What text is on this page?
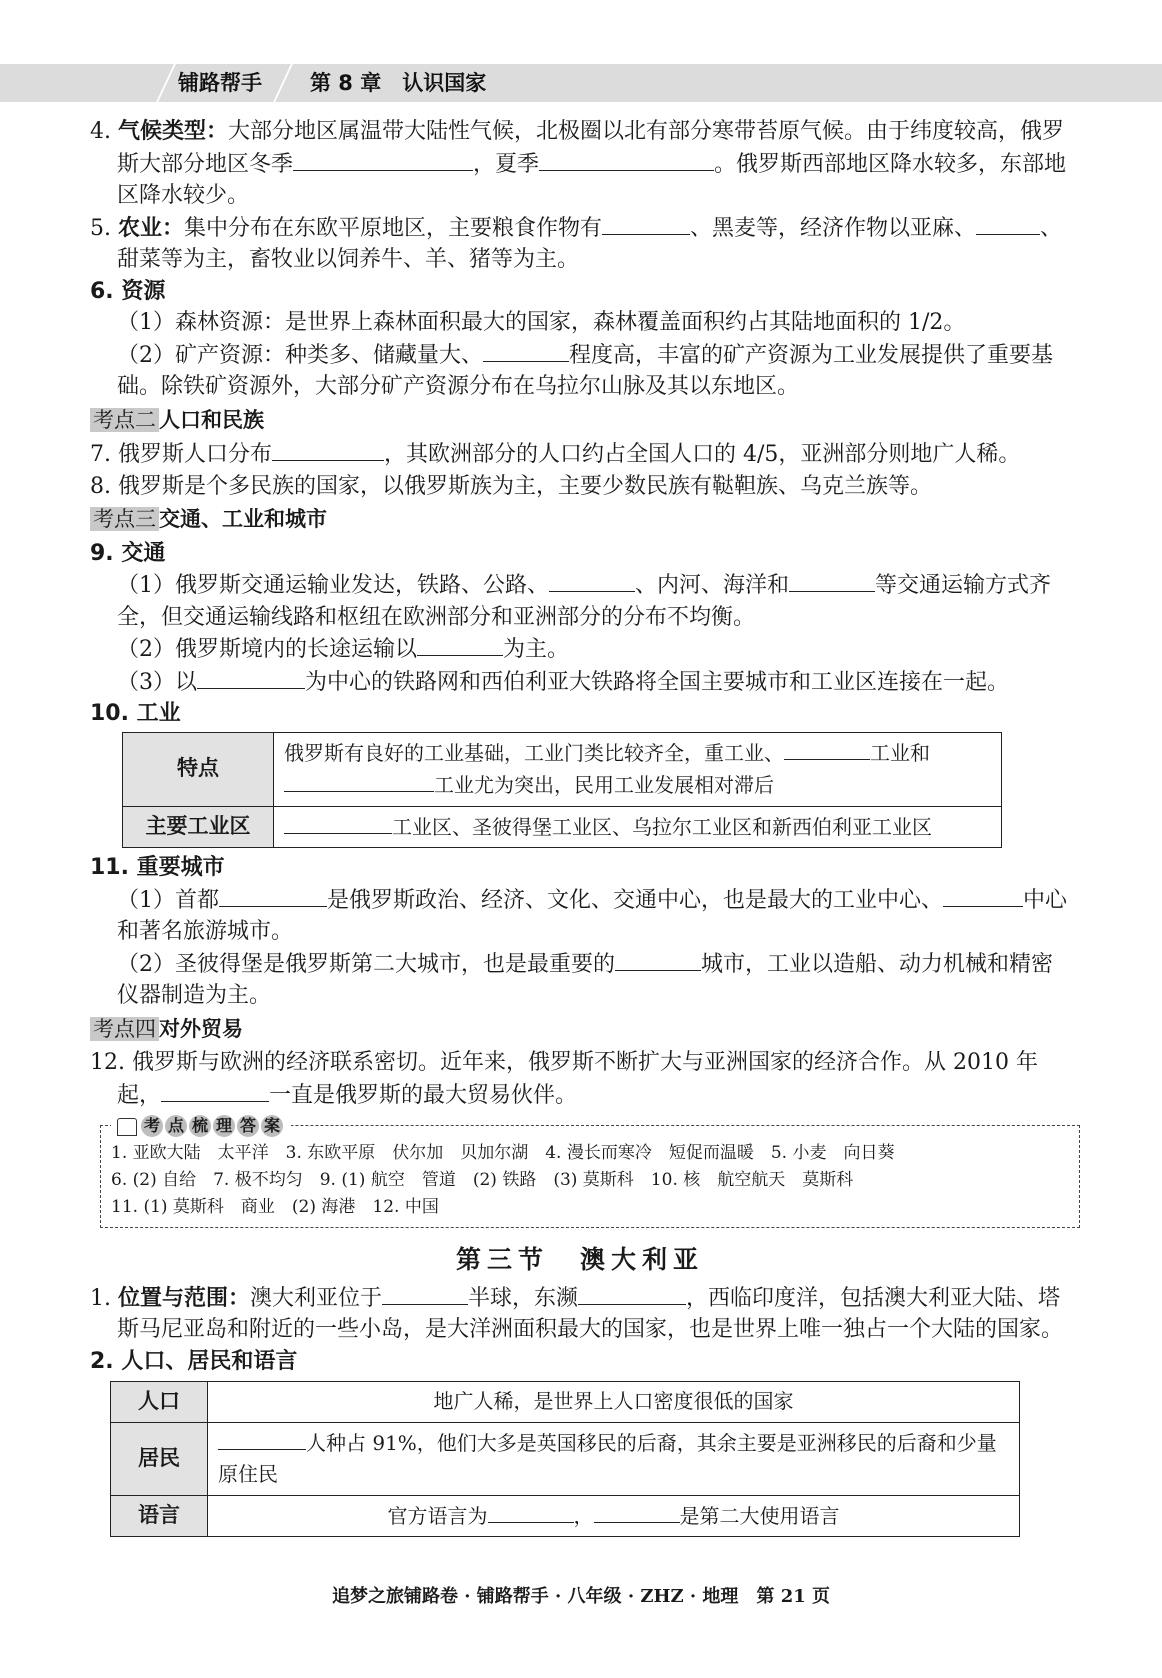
铺路帮手 第 8 章　认识国家

4. 气候类型：大部分地区属温带大陆性气候，北极圈以北有部分寒带苔原气候。由于纬度较高，俄罗斯大部分地区冬季	，夏季	。俄罗斯西部地区降水较多，东部地区降水较少。

5. 农业：集中分布在东欧平原地区，主要粮食作物有	、黑麦等，经济作物以亚麻、	、甜菜等为主，畜牧业以饲养牛、羊、猪等为主。

6. 资源

（1）森林资源：是世界上森林面积最大的国家，森林覆盖面积约占其陆地面积的 1/2。

（2）矿产资源：种类多、储藏量大、	程度高，丰富的矿产资源为工业发展提供了重要基础。除铁矿资源外，大部分矿产资源分布在乌拉尔山脉及其以东地区。

考点二 人口和民族

7. 俄罗斯人口分布	，其欧洲部分的人口约占全国人口的 4/5，亚洲部分则地广人稀。

8. 俄罗斯是个多民族的国家，以俄罗斯族为主，主要少数民族有鞑靼族、乌克兰族等。

考点三 交通、工业和城市

9. 交通

（1）俄罗斯交通运输业发达，铁路、公路、	、内河、海洋和	等交通运输方式齐全，但交通运输线路和枢纽在欧洲部分和亚洲部分的分布不均衡。

（2）俄罗斯境内的长途运输以	为主。

（3）以	为中心的铁路网和西伯利亚大铁路将全国主要城市和工业区连接在一起。

10. 工业

特点	俄罗斯有良好的工业基础，工业门类比较齐全，重工业、 工业和
工业尤为突出，民用工业发展相对滞后
主要工业区	工业区、圣彼得堡工业区、乌拉尔工业区和新西伯利亚工业区

11. 重要城市

（1）首都	是俄罗斯政治、经济、文化、交通中心，也是最大的工业中心、	中心和著名旅游城市。

（2）圣彼得堡是俄罗斯第二大城市，也是最重要的	城市，工业以造船、动力机械和精密仪器制造为主。

考点四 对外贸易

12. 俄罗斯与欧洲的经济联系密切。近年来，俄罗斯不断扩大与亚洲国家的经济合作。从 2010 年起，	一直是俄罗斯的最大贸易伙伴。

考 点 梳 理 答 案
1. 亚欧大陆　太平洋　3. 东欧平原　伏尔加　贝加尔湖　4. 漫长而寒冷　短促而温暖　5. 小麦　向日葵
6. (2) 自给　7. 极不均匀　9. (1) 航空　管道　(2) 铁路　(3) 莫斯科　10. 核　航空航天　莫斯科
11. (1) 莫斯科　商业　(2) 海港　12. 中国
第三节　澳大利亚

1. 位置与范围：澳大利亚位于	半球，东濒	，西临印度洋，包括澳大利亚大陆、塔斯马尼亚岛和附近的一些小岛，是大洋洲面积最大的国家，也是世界上唯一独占一个大陆的国家。

2. 人口、居民和语言

人口	地广人稀，是世界上人口密度很低的国家
居民	人种占 91%，他们大多是英国移民的后裔，其余主要是亚洲移民的后裔和少量原住民
语言	官方语言为 ， 是第二大使用语言
追梦之旅铺路卷 · 铺路帮手 · 八年级 · ZHZ · 地理　第 21 页
